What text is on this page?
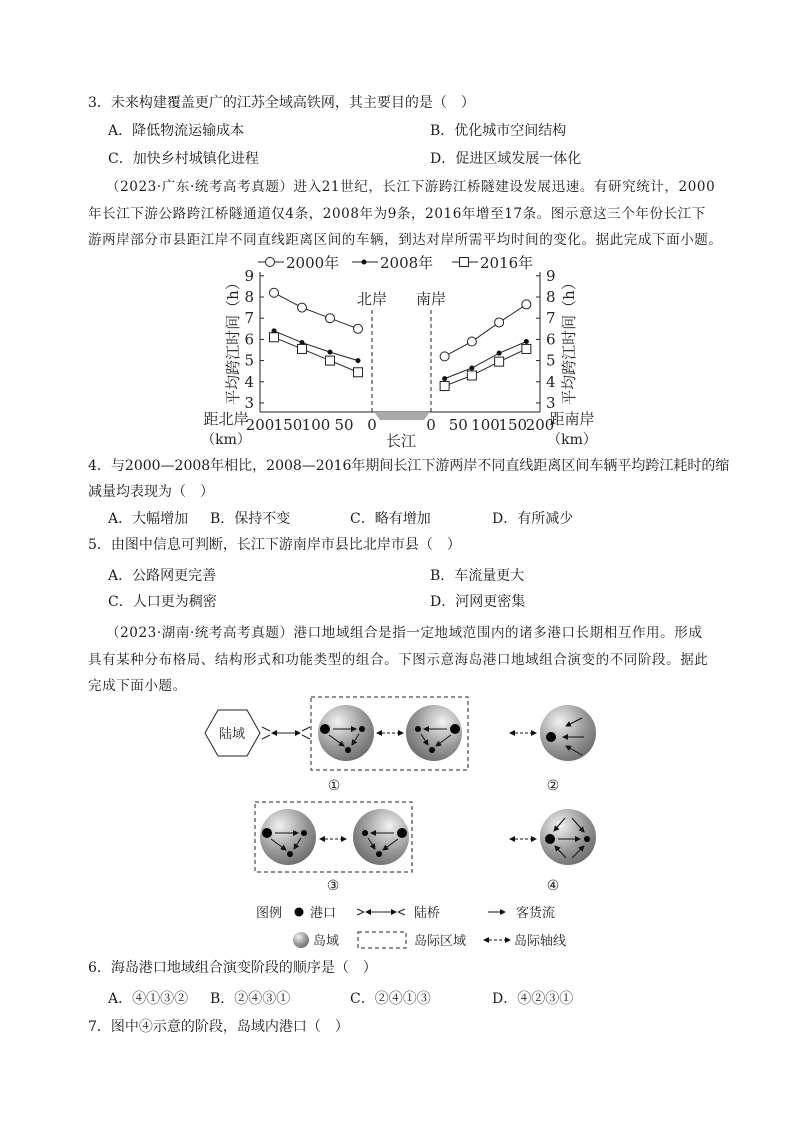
3．未来构建覆盖更广的江苏全域高铁网，其主要目的是（　）
A．降低物流运输成本	B．优化城市空间结构
C．加快乡村城镇化进程	D．促进区域发展一体化
（2023·广东·统考高考真题）进入21世纪，长江下游跨江桥隧建设发展迅速。有研究统计，2000
年长江下游公路跨江桥隧通道仅4条，2008年为9条，2016年增至17条。图示意这三个年份长江下
游两岸部分市县距江岸不同直线距离区间的车辆，到达对岸所需平均时间的变化。据此完成下面小题。
2000年	2008年	2016年
北岸 南岸
长江
3	3
4	4
5	5
6	6
7	7
8	8
9	9
200 150 100 50 0	0 50 100
150
200
距北岸
（km）
距南岸
（km）
平均跨江时间（h）	平均跨江时间（h）
4．与2000—2008年相比，2008—2016年期间长江下游两岸不同直线距离区间车辆平均跨江耗时的缩
减量均表现为（　）
A．大幅增加 B．保持不变	C．略有增加	D．有所减少
5．由图中信息可判断，长江下游南岸市县比北岸市县（　）
A．公路网更完善	B．车流量更大
C．人口更为稠密	D．河网更密集
（2023·湖南·统考高考真题）港口地域组合是指一定地域范围内的诸多港口长期相互作用。形成
具有某种分布格局、结构形式和功能类型的组合。下图示意海岛港口地域组合演变的不同阶段。据此
完成下面小题。
陆域
①	②
③	④
图例 港口	陆桥	客货流
岛域	岛际区域	岛际轴线
6．海岛港口地域组合演变阶段的顺序是（　）
A．④①③② B．②④③①	C．②④①③	D．④②③①
7．图中④示意的阶段，岛域内港口（　）
